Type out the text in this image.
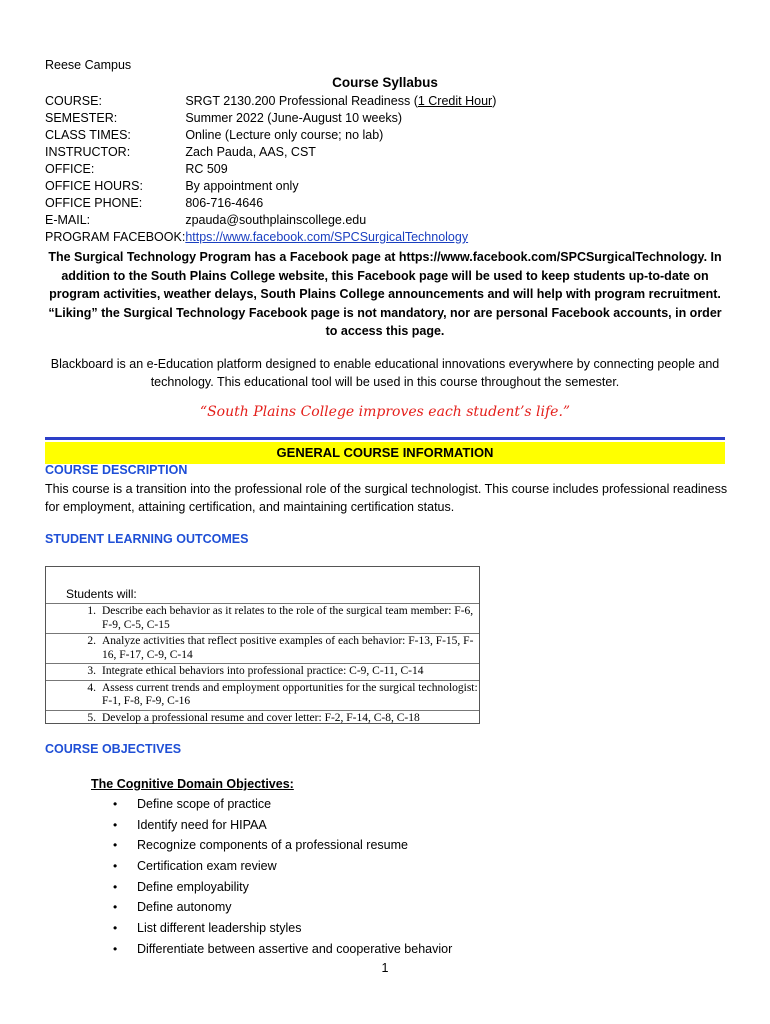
Reese Campus
Course Syllabus
COURSE:	SRGT 2130.200 Professional Readiness (1 Credit Hour)
SEMESTER:	Summer 2022 (June-August 10 weeks)
CLASS TIMES:	Online (Lecture only course; no lab)
INSTRUCTOR:	Zach Pauda, AAS, CST
OFFICE:	RC 509
OFFICE HOURS:	By appointment only
OFFICE PHONE:	806-716-4646
E-MAIL:	zpauda@southplainscollege.edu
PROGRAM FACEBOOK:	https://www.facebook.com/SPCSurgicalTechnology
The Surgical Technology Program has a Facebook page at https://www.facebook.com/SPCSurgicalTechnology. In addition to the South Plains College website, this Facebook page will be used to keep students up-to-date on program activities, weather delays, South Plains College announcements and will help with program recruitment. “Liking” the Surgical Technology Facebook page is not mandatory, nor are personal Facebook accounts, in order to access this page.
Blackboard is an e-Education platform designed to enable educational innovations everywhere by connecting people and technology. This educational tool will be used in this course throughout the semester.
“South Plains College improves each student’s life.”
GENERAL COURSE INFORMATION
COURSE DESCRIPTION
This course is a transition into the professional role of the surgical technologist. This course includes professional readiness for employment, attaining certification, and maintaining certification status.
STUDENT LEARNING OUTCOMES
Students will:
1.	Describe each behavior as it relates to the role of the surgical team member: F-6, F-9, C-5, C-15
2.	Analyze activities that reflect positive examples of each behavior: F-13, F-15, F-16, F-17, C-9, C-14
3.	Integrate ethical behaviors into professional practice: C-9, C-11, C-14
4.	Assess current trends and employment opportunities for the surgical technologist: F-1, F-8, F-9, C-16
5.	Develop a professional resume and cover letter: F-2, F-14, C-8, C-18
COURSE OBJECTIVES
The Cognitive Domain Objectives:
• Define scope of practice
• Identify need for HIPAA
• Recognize components of a professional resume
• Certification exam review
• Define employability
• Define autonomy
• List different leadership styles
• Differentiate between assertive and cooperative behavior
1
